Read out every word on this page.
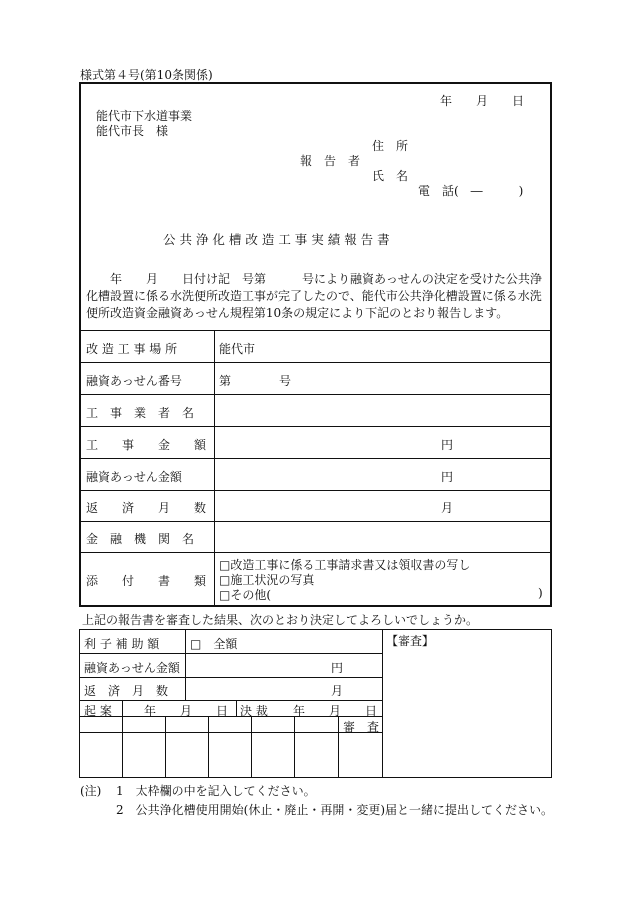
様式第４号(第10条関係)
年　　月　　日
能代市下水道事業
能代市長　様
住　所
報　告　者
氏　名
電　話(　―　　　)
公 共 浄 化 槽 改 造 工 事 実 績 報 告 書
　　年　　月　　日付け記　号第　　　号により融資あっせんの決定を受けた公共浄化槽設置に係る水洗便所改造工事が完了したので、能代市公共浄化槽設置に係る水洗便所改造資金融資あっせん規程第10条の規定により下記のとおり報告します。
改 造 工 事 場 所	能代市
融資あっせん番号	第　　　　号
工　事　業　者　名
工　　事　　金　　額	円
融資あっせん金額	円
返　　済　　月　　数	月
金　融　機　関　名
添　　付　　書　　類
□改造工事に係る工事請求書又は領収書の写し
□施工状況の写真
□その他(	)
上記の報告書を審査した結果、次のとおり決定してよろしいでしょうか。
【審査】
利 子 補 助 額	□　全額
融資あっせん金額	円
返　済　月　数	月
起 案	年　　月　　日 決 裁 年　　月　　日
審　査
(注) 1　太枠欄の中を記入してください。
2　公共浄化槽使用開始(休止・廃止・再開・変更)届と一緒に提出してください。
